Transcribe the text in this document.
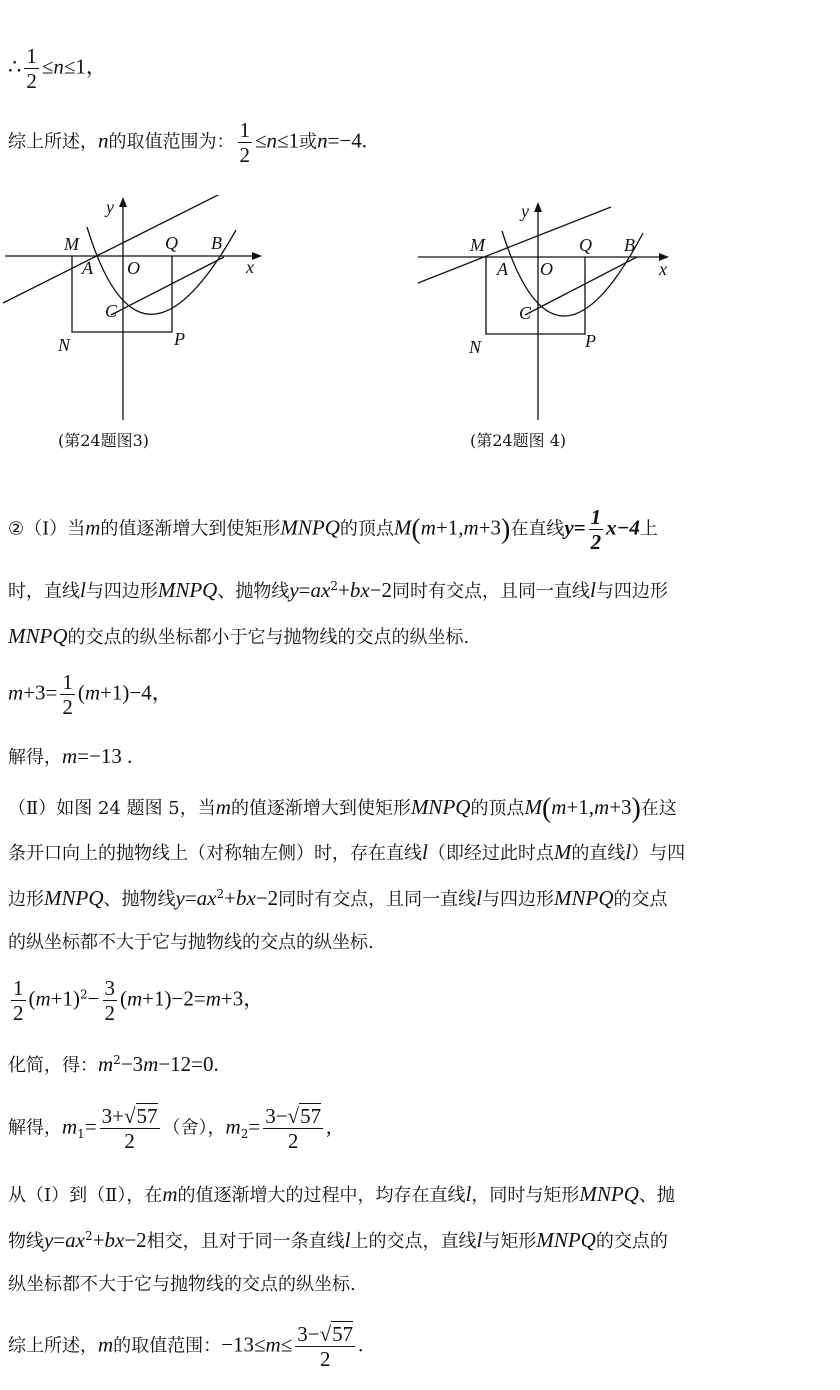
∴ $\frac{1}{2} \le n\le 1$，
综上所述，n的取值范围为： $\frac{1}{2} \le n\le 1$或n=−4.
y
x
M
A O
Q B
C
N	P
(第24题图3)
y
x
M
A O
Q B
C
N	P
(第24题图 4)
②（Ⅰ）当m的值逐渐增大到使矩形MNPQ的顶点M(m+1,m+3)在直线$y= \frac{1}{2} x-4$上
时，直线l与四边形MNPQ、抛物线$y=ax^2+bx-2$同时有交点，且同一直线l与四边形
MNPQ的交点的纵坐标都小于它与抛物线的交点的纵坐标.
$m+3= \frac{1}{2} (m+1)-4$，
解得，m=−13 .
（Ⅱ）如图 24 题图 5，当m的值逐渐增大到使矩形MNPQ的顶点M(m+1,m+3)在这
条开口向上的抛物线上（对称轴左侧）时，存在直线l（即经过此时点M的直线l）与四
边形MNPQ、抛物线$y=ax^2+bx-2$同时有交点，且同一直线l与四边形MNPQ的交点
的纵坐标都不大于它与抛物线的交点的纵坐标.
$\frac{1}{2} (m+1)^2- \frac{3}{2} (m+1)-2=m+3$，
化简，得：$m^2-3m-12=0$.
解得，$m_1= \frac{3+√57}{2}$ （舍），$m_2= \frac{3-√57}{2}$ ,
从（Ⅰ）到（Ⅱ），在m的值逐渐增大的过程中，均存在直线l，同时与矩形MNPQ、抛
物线$y=ax^2+bx-2$相交，且对于同一条直线l上的交点，直线l与矩形MNPQ的交点的
纵坐标都不大于它与抛物线的交点的纵坐标.
综上所述，m的取值范围：$-13\le m\le \frac{3-√57}{2}$ .
